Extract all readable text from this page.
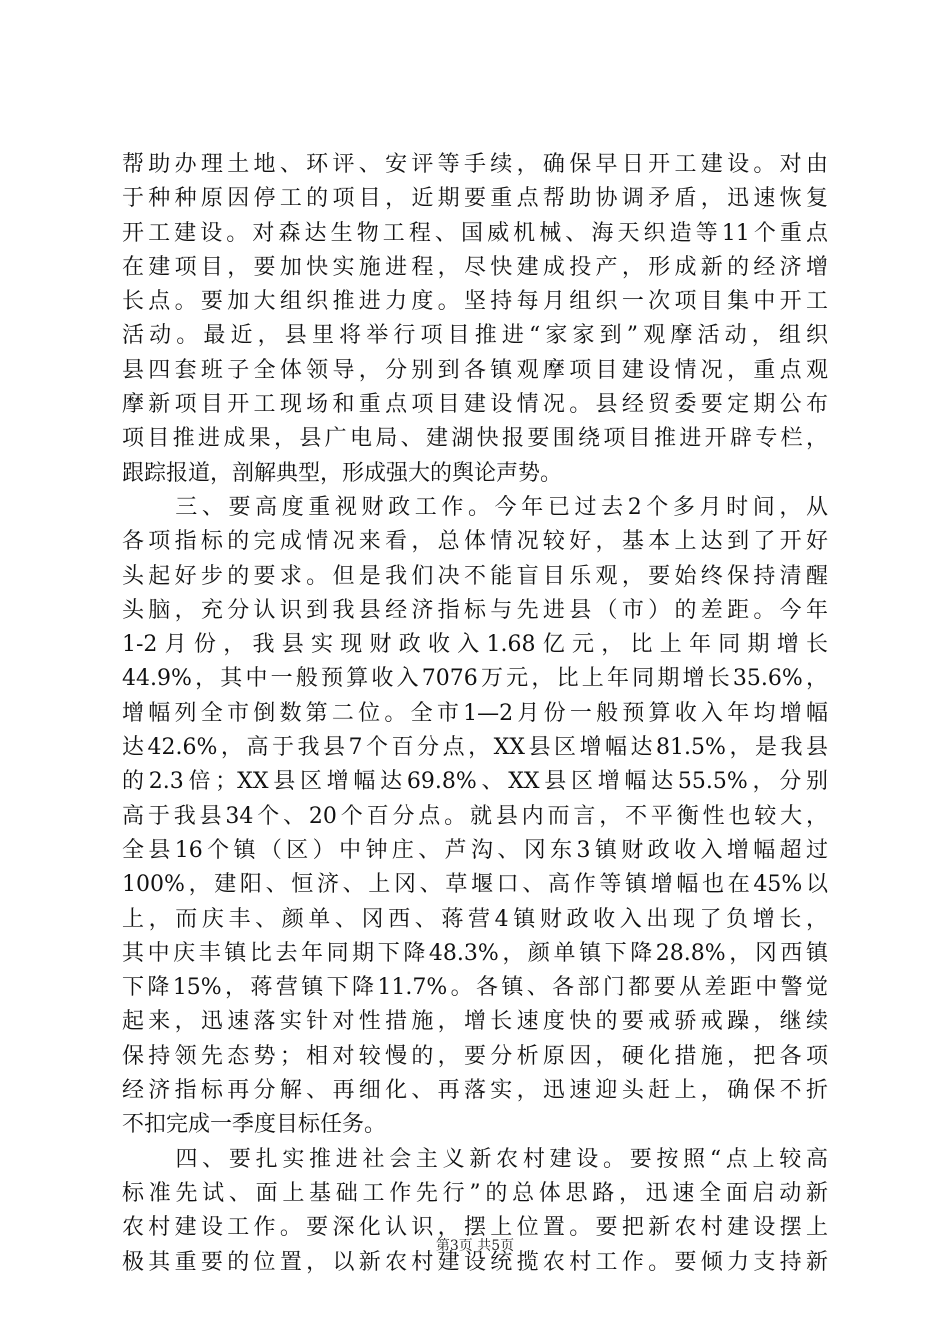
帮助办理土地、环评、安评等手续，确保早日开工建设。对由
于种种原因停工的项目，近期要重点帮助协调矛盾，迅速恢复
开工建设。对森达生物工程、国威机械、海天织造等11个重点
在建项目，要加快实施进程，尽快建成投产，形成新的经济增
长点。要加大组织推进力度。坚持每月组织一次项目集中开工
活动。最近，县里将举行项目推进“家家到”观摩活动，组织
县四套班子全体领导，分别到各镇观摩项目建设情况，重点观
摩新项目开工现场和重点项目建设情况。县经贸委要定期公布
项目推进成果，县广电局、建湖快报要围绕项目推进开辟专栏，
跟踪报道，剖解典型，形成强大的舆论声势。
　　三、要高度重视财政工作。今年已过去2个多月时间，从
各项指标的完成情况来看，总体情况较好，基本上达到了开好
头起好步的要求。但是我们决不能盲目乐观，要始终保持清醒
头脑，充分认识到我县经济指标与先进县（市）的差距。今年
1-2月份，我县实现财政收入1.68亿元，比上年同期增长
44.9%，其中一般预算收入7076万元，比上年同期增长35.6%，
增幅列全市倒数第二位。全市1—2月份一般预算收入年均增幅
达42.6%，高于我县7个百分点，XX县区增幅达81.5%，是我县
的2.3倍；XX县区增幅达69.8%、XX县区增幅达55.5%，分别
高于我县34个、20个百分点。就县内而言，不平衡性也较大，
全县16个镇（区）中钟庄、芦沟、冈东3镇财政收入增幅超过
100%，建阳、恒济、上冈、草堰口、高作等镇增幅也在45%以
上，而庆丰、颜单、冈西、蒋营4镇财政收入出现了负增长，
其中庆丰镇比去年同期下降48.3%，颜单镇下降28.8%，冈西镇
下降15%，蒋营镇下降11.7%。各镇、各部门都要从差距中警觉
起来，迅速落实针对性措施，增长速度快的要戒骄戒躁，继续
保持领先态势；相对较慢的，要分析原因，硬化措施，把各项
经济指标再分解、再细化、再落实，迅速迎头赶上，确保不折
不扣完成一季度目标任务。
　　四、要扎实推进社会主义新农村建设。要按照“点上较高
标准先试、面上基础工作先行”的总体思路，迅速全面启动新
农村建设工作。要深化认识，摆上位置。要把新农村建设摆上
极其重要的位置，以新农村建设统揽农村工作。要倾力支持新
第3页 共5页
